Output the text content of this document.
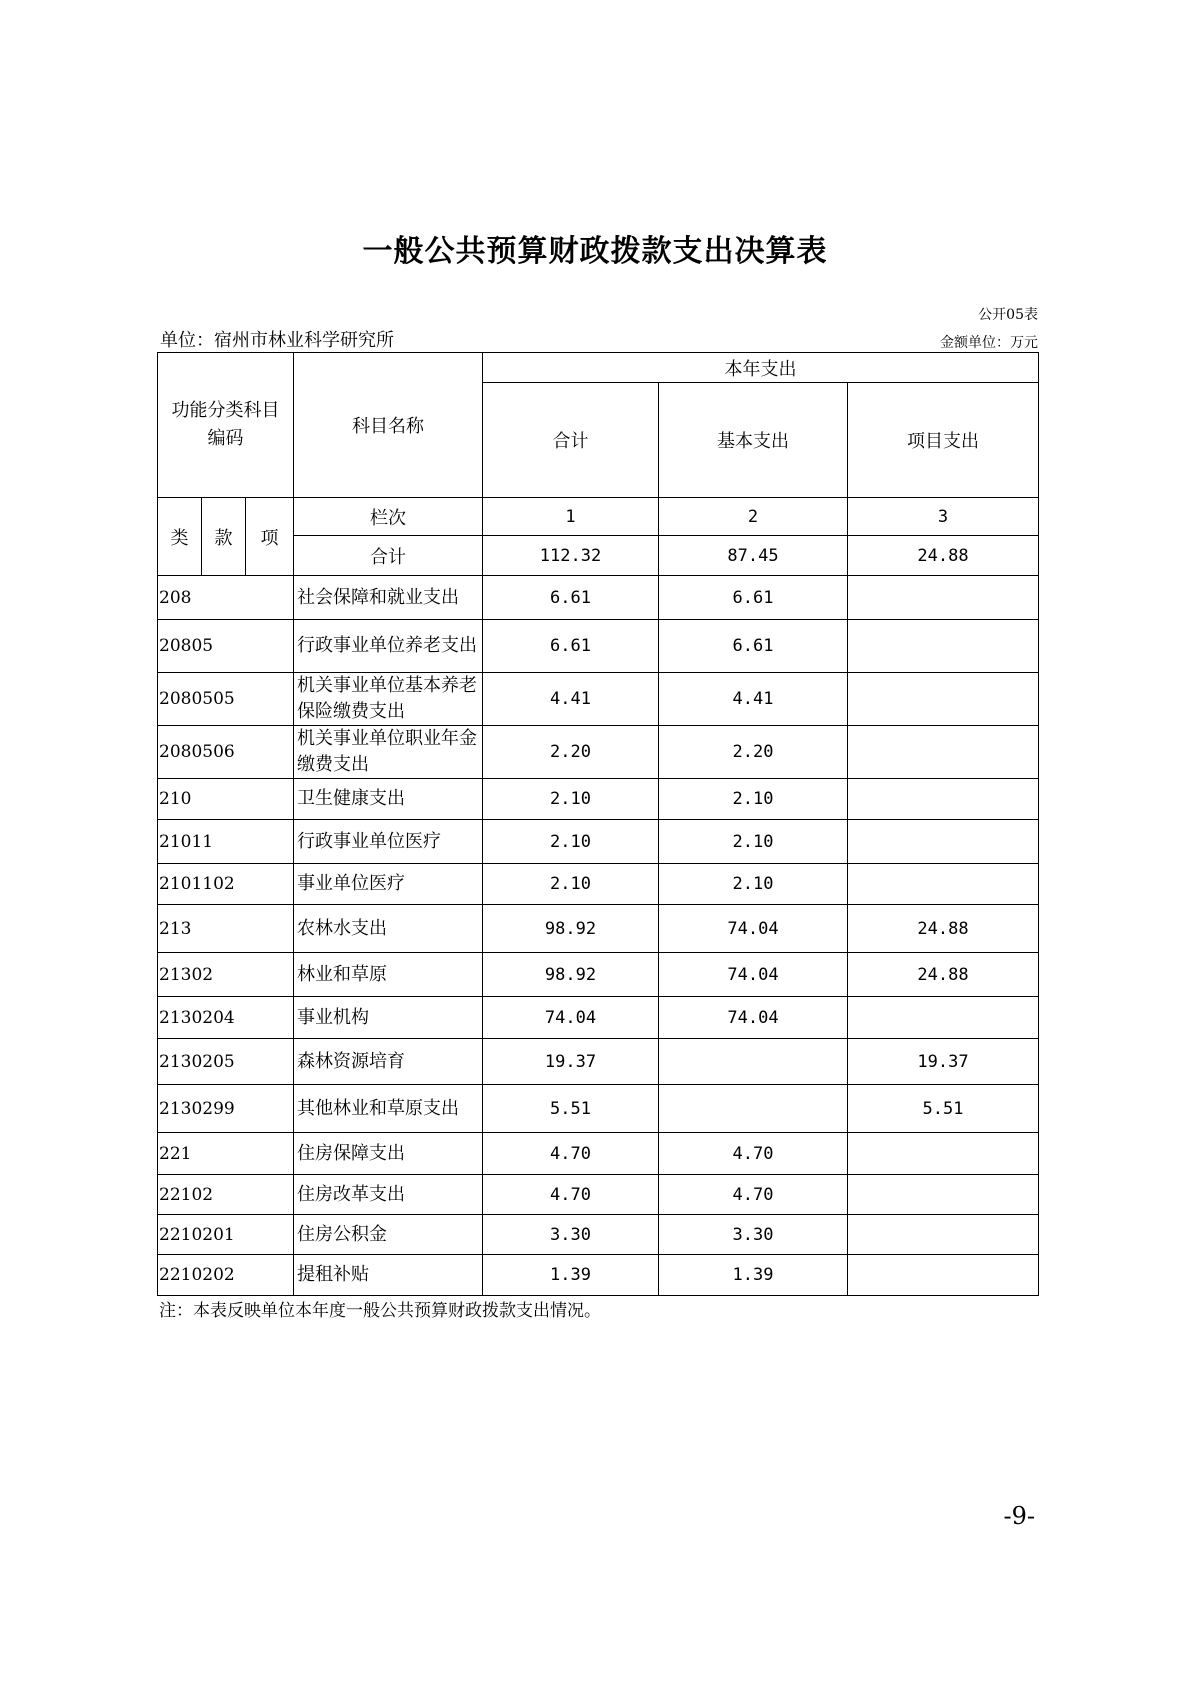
一般公共预算财政拨款支出决算表
公开05表
单位：宿州市林业科学研究所	金额单位：万元
功能分类科目编码			科目名称	本年支出		
				合计	基本支出	项目支出
类	款	项	栏次	1	2	3
			合计	112.32	87.45	24.88
208			社会保障和就业支出	6.61	6.61	
20805			行政事业单位养老支出	6.61	6.61	
2080505			机关事业单位基本养老保险缴费支出	4.41	4.41	
2080506			机关事业单位职业年金缴费支出	2.20	2.20	
210			卫生健康支出	2.10	2.10	
21011			行政事业单位医疗	2.10	2.10	
2101102			事业单位医疗	2.10	2.10	
213			农林水支出	98.92	74.04	24.88
21302			林业和草原	98.92	74.04	24.88
2130204			事业机构	74.04	74.04	
2130205			森林资源培育	19.37		19.37
2130299			其他林业和草原支出	5.51		5.51
221			住房保障支出	4.70	4.70	
22102			住房改革支出	4.70	4.70	
2210201			住房公积金	3.30	3.30	
2210202			提租补贴	1.39	1.39	
注：本表反映单位本年度一般公共预算财政拨款支出情况。
-9-
